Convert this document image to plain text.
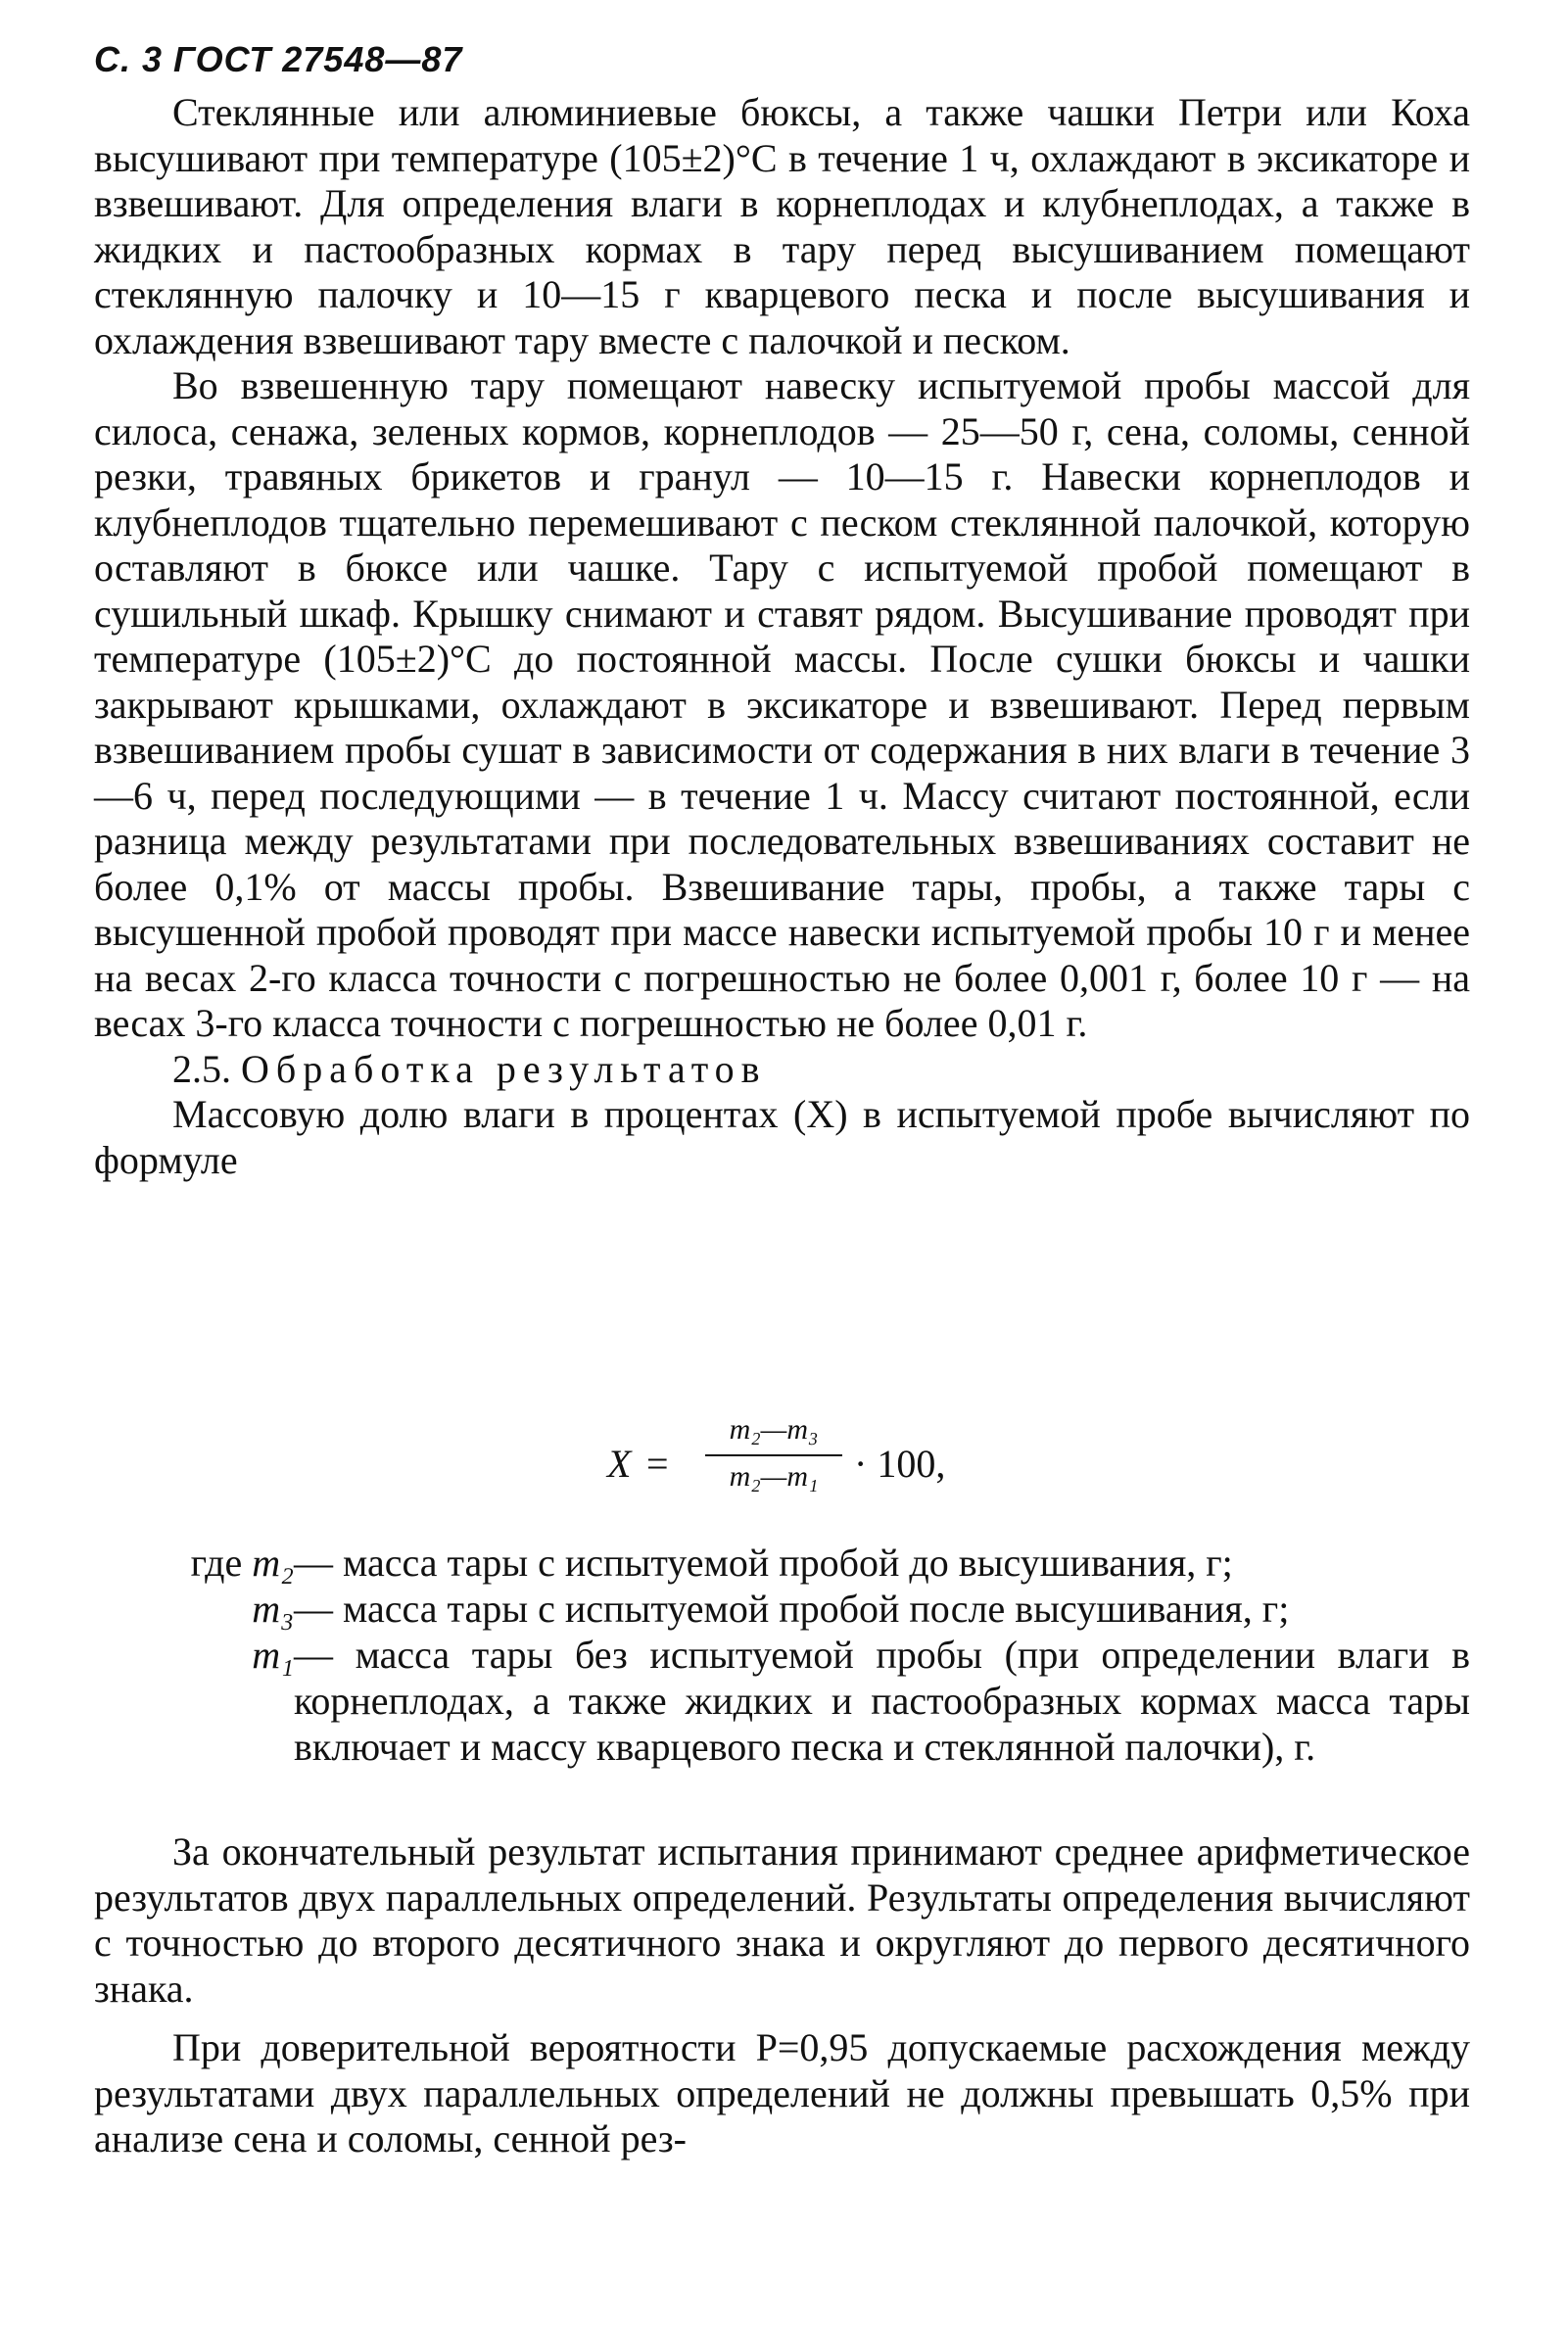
С. 3 ГОСТ 27548—87

Стеклянные или алюминиевые бюксы, а также чашки Петри или Коха высушивают при температуре (105±2)°С в течение 1 ч, охлаждают в эксикаторе и взвешивают. Для определения влаги в корнеплодах и клубнеплодах, а также в жидких и пастообразных кормах в тару перед высушиванием помещают стеклянную палочку и 10—15 г кварцевого песка и после высушивания и охлаждения взвешивают тару вместе с палочкой и песком.

Во взвешенную тару помещают навеску испытуемой пробы массой для силоса, сенажа, зеленых кормов, корнеплодов — 25—50 г, сена, соломы, сенной резки, травяных брикетов и гранул — 10—15 г. Навески корнеплодов и клубнеплодов тщательно перемешивают с песком стеклянной палочкой, которую оставляют в бюксе или чашке. Тару с испытуемой пробой помещают в сушильный шкаф. Крышку снимают и ставят рядом. Высушивание проводят при температуре (105±2)°С до постоянной массы. После сушки бюксы и чашки закрывают крышками, охлаждают в эксикаторе и взвешивают. Перед первым взвешиванием пробы сушат в зависимости от содержания в них влаги в течение 3—6 ч, перед последующими — в течение 1 ч. Массу считают постоянной, если разница между результатами при последовательных взвешиваниях составит не более 0,1% от массы пробы. Взвешивание тары, пробы, а также тары с высушенной пробой проводят при массе навески испытуемой пробы 10 г и менее на весах 2-го класса точности с погрешностью не более 0,001 г, более 10 г — на весах 3-го класса точности с погрешностью не более 0,01 г.

2.5. Обработка результатов

Массовую долю влаги в процентах (X) в испытуемой пробе вычисляют по формуле

X =
m₂—m₃
m₂—m₁ · 100,
где m₂ — масса тары с испытуемой пробой до высушивания, г;
m₃ — масса тары с испытуемой пробой после высушивания, г;
m₁ — масса тары без испытуемой пробы (при определении влаги в корнеплодах, а также жидких и пастообразных кормах масса тары включает и массу кварцевого песка и стеклянной палочки), г.

За окончательный результат испытания принимают среднее арифметическое результатов двух параллельных определений. Результаты определения вычисляют с точностью до второго десятичного знака и округляют до первого десятичного знака.

При доверительной вероятности P=0,95 допускаемые расхождения между результатами двух параллельных определений не должны превышать 0,5% при анализе сена и соломы, сенной рез-
